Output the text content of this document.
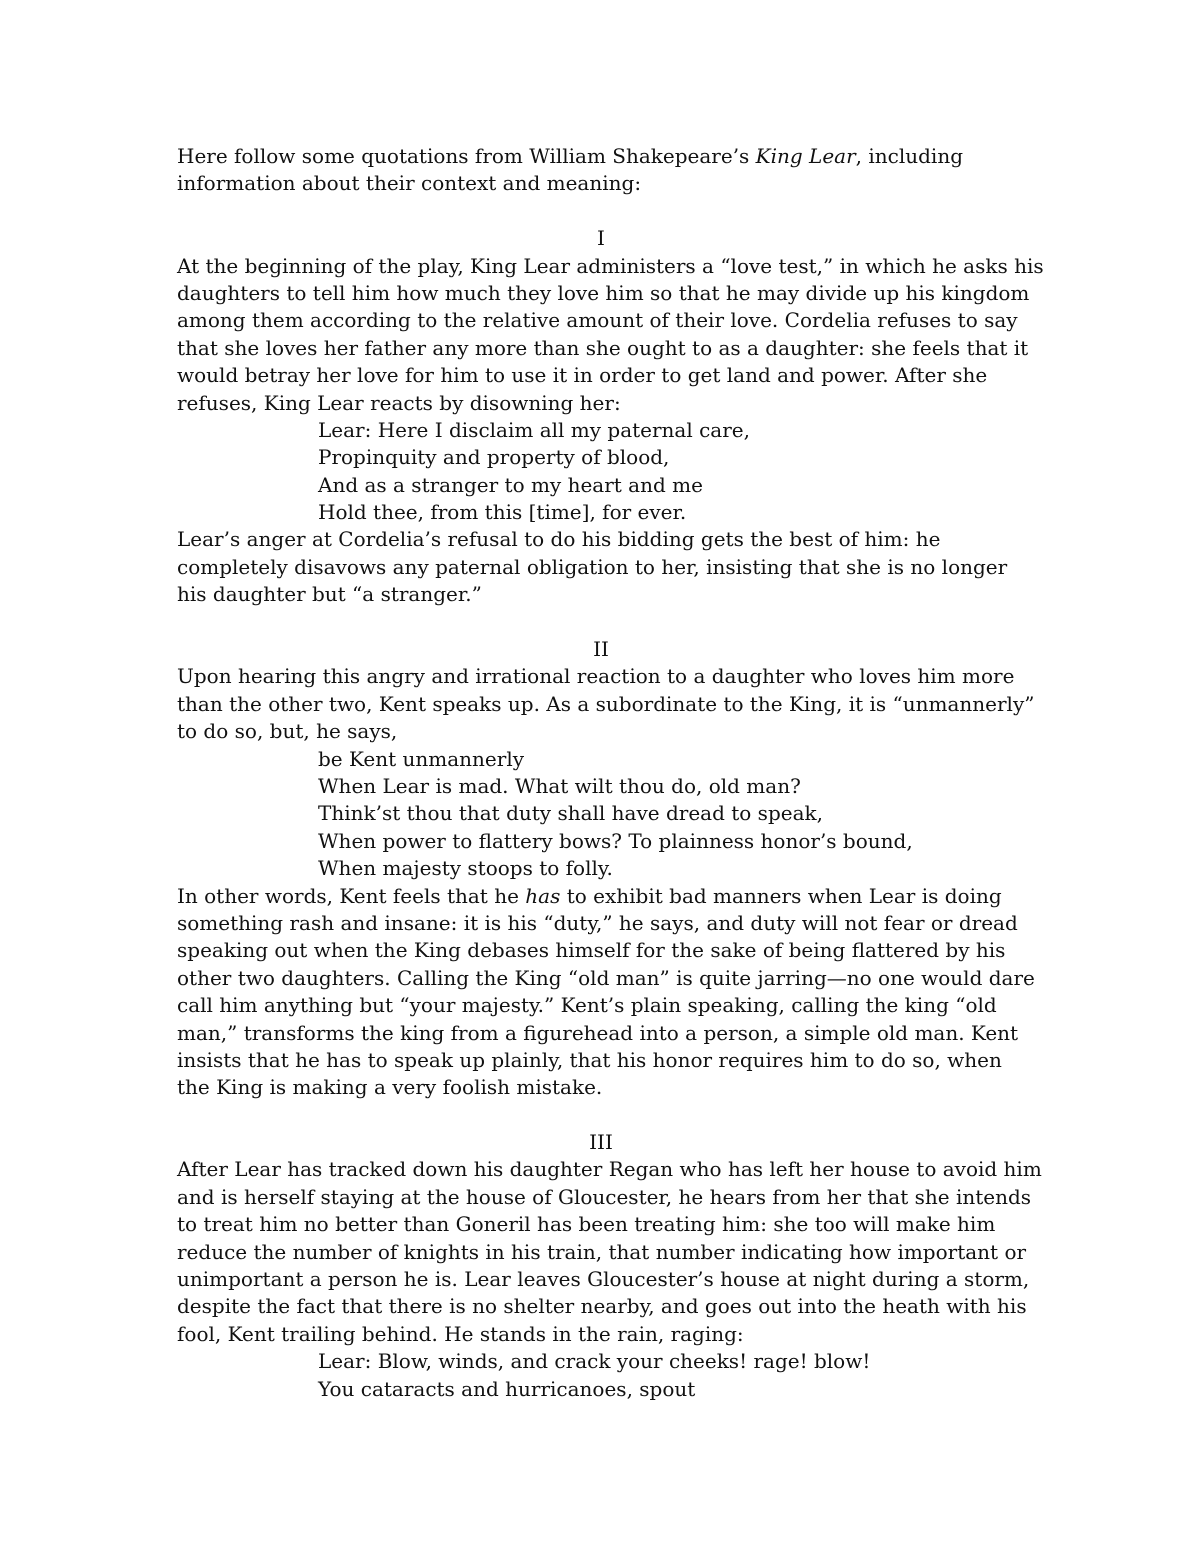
Here follow some quotations from William Shakepeare’s King Lear, including
information about their context and meaning:
I
At the beginning of the play, King Lear administers a “love test,” in which he asks his
daughters to tell him how much they love him so that he may divide up his kingdom
among them according to the relative amount of their love. Cordelia refuses to say
that she loves her father any more than she ought to as a daughter: she feels that it
would betray her love for him to use it in order to get land and power. After she
refuses, King Lear reacts by disowning her:
Lear: Here I disclaim all my paternal care,
Propinquity and property of blood,
And as a stranger to my heart and me
Hold thee, from this [time], for ever.
Lear’s anger at Cordelia’s refusal to do his bidding gets the best of him: he
completely disavows any paternal obligation to her, insisting that she is no longer
his daughter but “a stranger.”
II
Upon hearing this angry and irrational reaction to a daughter who loves him more
than the other two, Kent speaks up. As a subordinate to the King, it is “unmannerly”
to do so, but, he says,
be Kent unmannerly
When Lear is mad. What wilt thou do, old man?
Think’st thou that duty shall have dread to speak,
When power to flattery bows? To plainness honor’s bound,
When majesty stoops to folly.
In other words, Kent feels that he has to exhibit bad manners when Lear is doing
something rash and insane: it is his “duty,” he says, and duty will not fear or dread
speaking out when the King debases himself for the sake of being flattered by his
other two daughters. Calling the King “old man” is quite jarring—no one would dare
call him anything but “your majesty.” Kent’s plain speaking, calling the king “old
man,” transforms the king from a figurehead into a person, a simple old man. Kent
insists that he has to speak up plainly, that his honor requires him to do so, when
the King is making a very foolish mistake.
III
After Lear has tracked down his daughter Regan who has left her house to avoid him
and is herself staying at the house of Gloucester, he hears from her that she intends
to treat him no better than Goneril has been treating him: she too will make him
reduce the number of knights in his train, that number indicating how important or
unimportant a person he is. Lear leaves Gloucester’s house at night during a storm,
despite the fact that there is no shelter nearby, and goes out into the heath with his
fool, Kent trailing behind. He stands in the rain, raging:
Lear: Blow, winds, and crack your cheeks! rage! blow!
You cataracts and hurricanoes, spout
